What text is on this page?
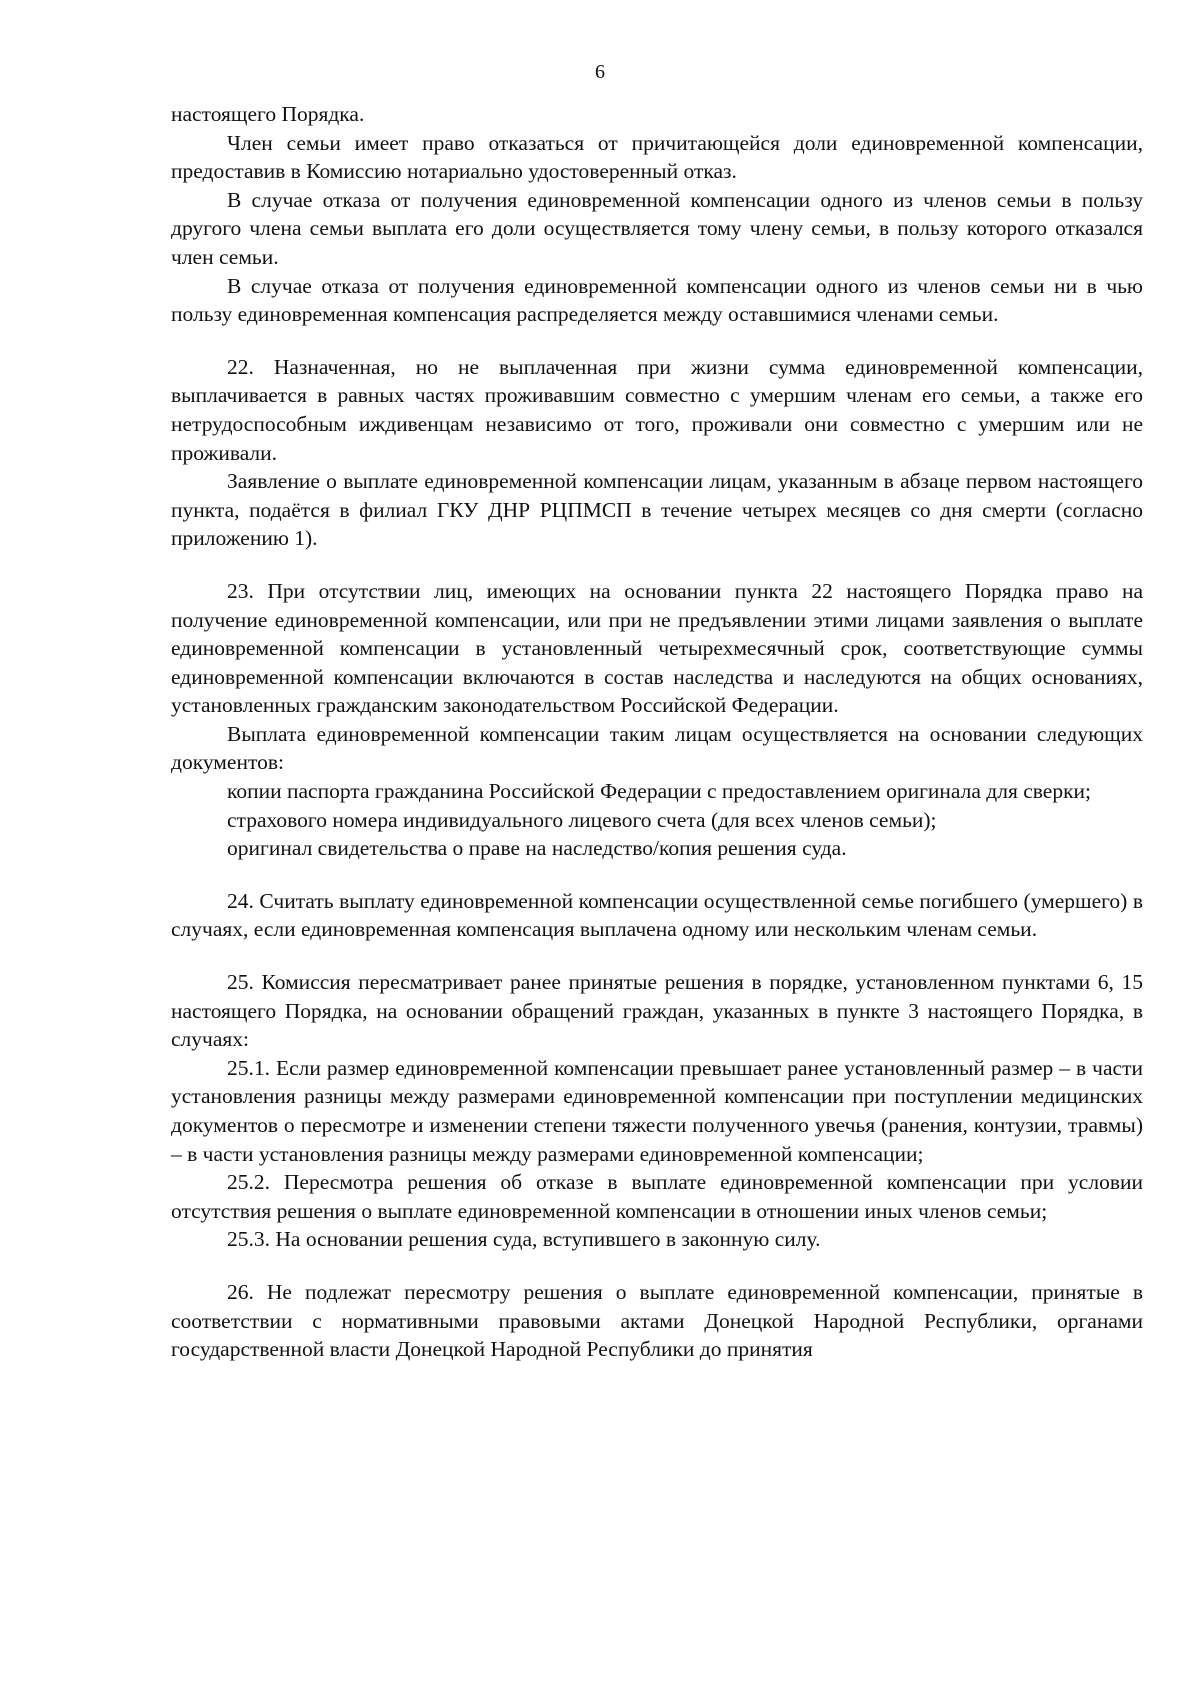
6

настоящего Порядка.

Член семьи имеет право отказаться от причитающейся доли единовременной компенсации, предоставив в Комиссию нотариально удостоверенный отказ.

В случае отказа от получения единовременной компенсации одного из членов семьи в пользу другого члена семьи выплата его доли осуществляется тому члену семьи, в пользу которого отказался член семьи.

В случае отказа от получения единовременной компенсации одного из членов семьи ни в чью пользу единовременная компенсация распределяется между оставшимися членами семьи.

22. Назначенная, но не выплаченная при жизни сумма единовременной компенсации, выплачивается в равных частях проживавшим совместно с умершим членам его семьи, а также его нетрудоспособным иждивенцам независимо от того, проживали они совместно с умершим или не проживали.

Заявление о выплате единовременной компенсации лицам, указанным в абзаце первом настоящего пункта, подаётся в филиал ГКУ ДНР РЦПМСП в течение четырех месяцев со дня смерти (согласно приложению 1).

23. При отсутствии лиц, имеющих на основании пункта 22 настоящего Порядка право на получение единовременной компенсации, или при не предъявлении этими лицами заявления о выплате единовременной компенсации в установленный четырехмесячный срок, соответствующие суммы единовременной компенсации включаются в состав наследства и наследуются на общих основаниях, установленных гражданским законодательством Российской Федерации.

Выплата единовременной компенсации таким лицам осуществляется на основании следующих документов:

копии паспорта гражданина Российской Федерации с предоставлением оригинала для сверки;

страхового номера индивидуального лицевого счета (для всех членов семьи);

оригинал свидетельства о праве на наследство/копия решения суда.

24. Считать выплату единовременной компенсации осуществленной семье погибшего (умершего) в случаях, если единовременная компенсация выплачена одному или нескольким членам семьи.

25. Комиссия пересматривает ранее принятые решения в порядке, установленном пунктами 6, 15 настоящего Порядка, на основании обращений граждан, указанных в пункте 3 настоящего Порядка, в случаях:

25.1. Если размер единовременной компенсации превышает ранее установленный размер – в части установления разницы между размерами единовременной компенсации при поступлении медицинских документов о пересмотре и изменении степени тяжести полученного увечья (ранения, контузии, травмы) – в части установления разницы между размерами единовременной компенсации;

25.2. Пересмотра решения об отказе в выплате единовременной компенсации при условии отсутствия решения о выплате единовременной компенсации в отношении иных членов семьи;

25.3. На основании решения суда, вступившего в законную силу.

26. Не подлежат пересмотру решения о выплате единовременной компенсации, принятые в соответствии с нормативными правовыми актами Донецкой Народной Республики, органами государственной власти Донецкой Народной Республики до принятия
